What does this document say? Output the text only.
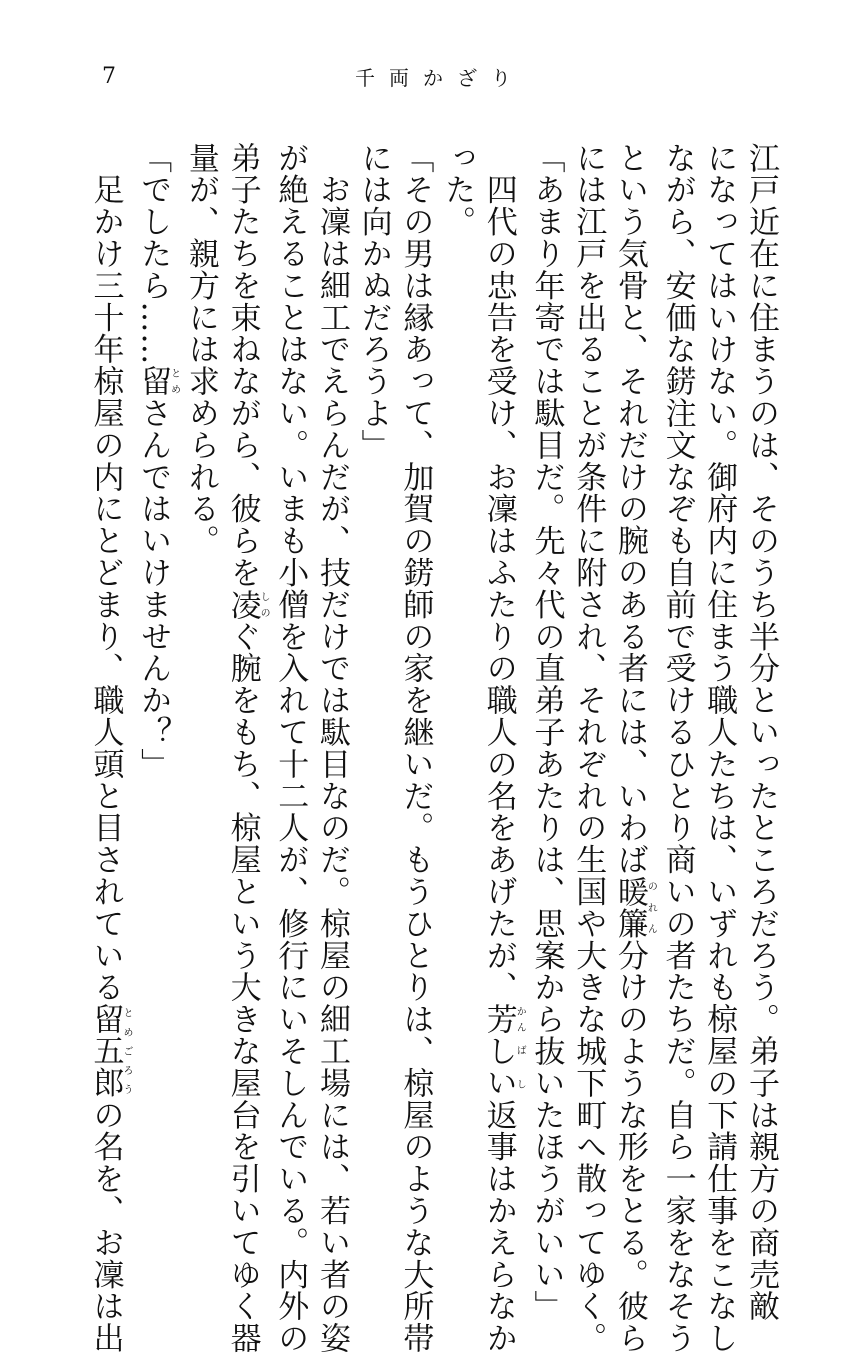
7	千両かざり
江戸近在に住まうのは、そのうち半分といったところだろう。弟子は親方の商売敵
になってはいけない。御府内に住まう職人たちは、いずれも椋屋の下請仕事をこなし
ながら、安価な錺注文なぞも自前で受けるひとり商いの者たちだ。自ら一家をなそう
という気骨と、それだけの腕のある者には、いわば暖簾のれん分けのような形をとる。彼ら
には江戸を出ることが条件に附され、それぞれの生国や大きな城下町へ散ってゆく。
「あまり年寄では駄目だ。先々代の直弟子あたりは、思案から抜いたほうがいい」
　四代の忠告を受け、お凜はふたりの職人の名をあげたが、芳かんしいばし返事はかえらなか
った。
「その男は縁あって、加賀の錺師の家を継いだ。もうひとりは、椋屋のような大所帯
には向かぬだろうよ」
　お凜は細工でえらんだが、技だけでは駄目なのだ。椋屋の細工場には、若い者の姿
が絶えることはない。いまも小僧を入れて十二人が、修行にいそしんでいる。内外の
弟子たちを束ねながら、彼らを凌しのぐ腕をもち、椋屋という大きな屋台を引いてゆく器
量が、親方には求められる。
「でしたら……留とめさんではいけませんか？」
　足かけ三十年椋屋の内にとどまり、職人頭と目されている留五郎とめごろうの名を、お凜は出
